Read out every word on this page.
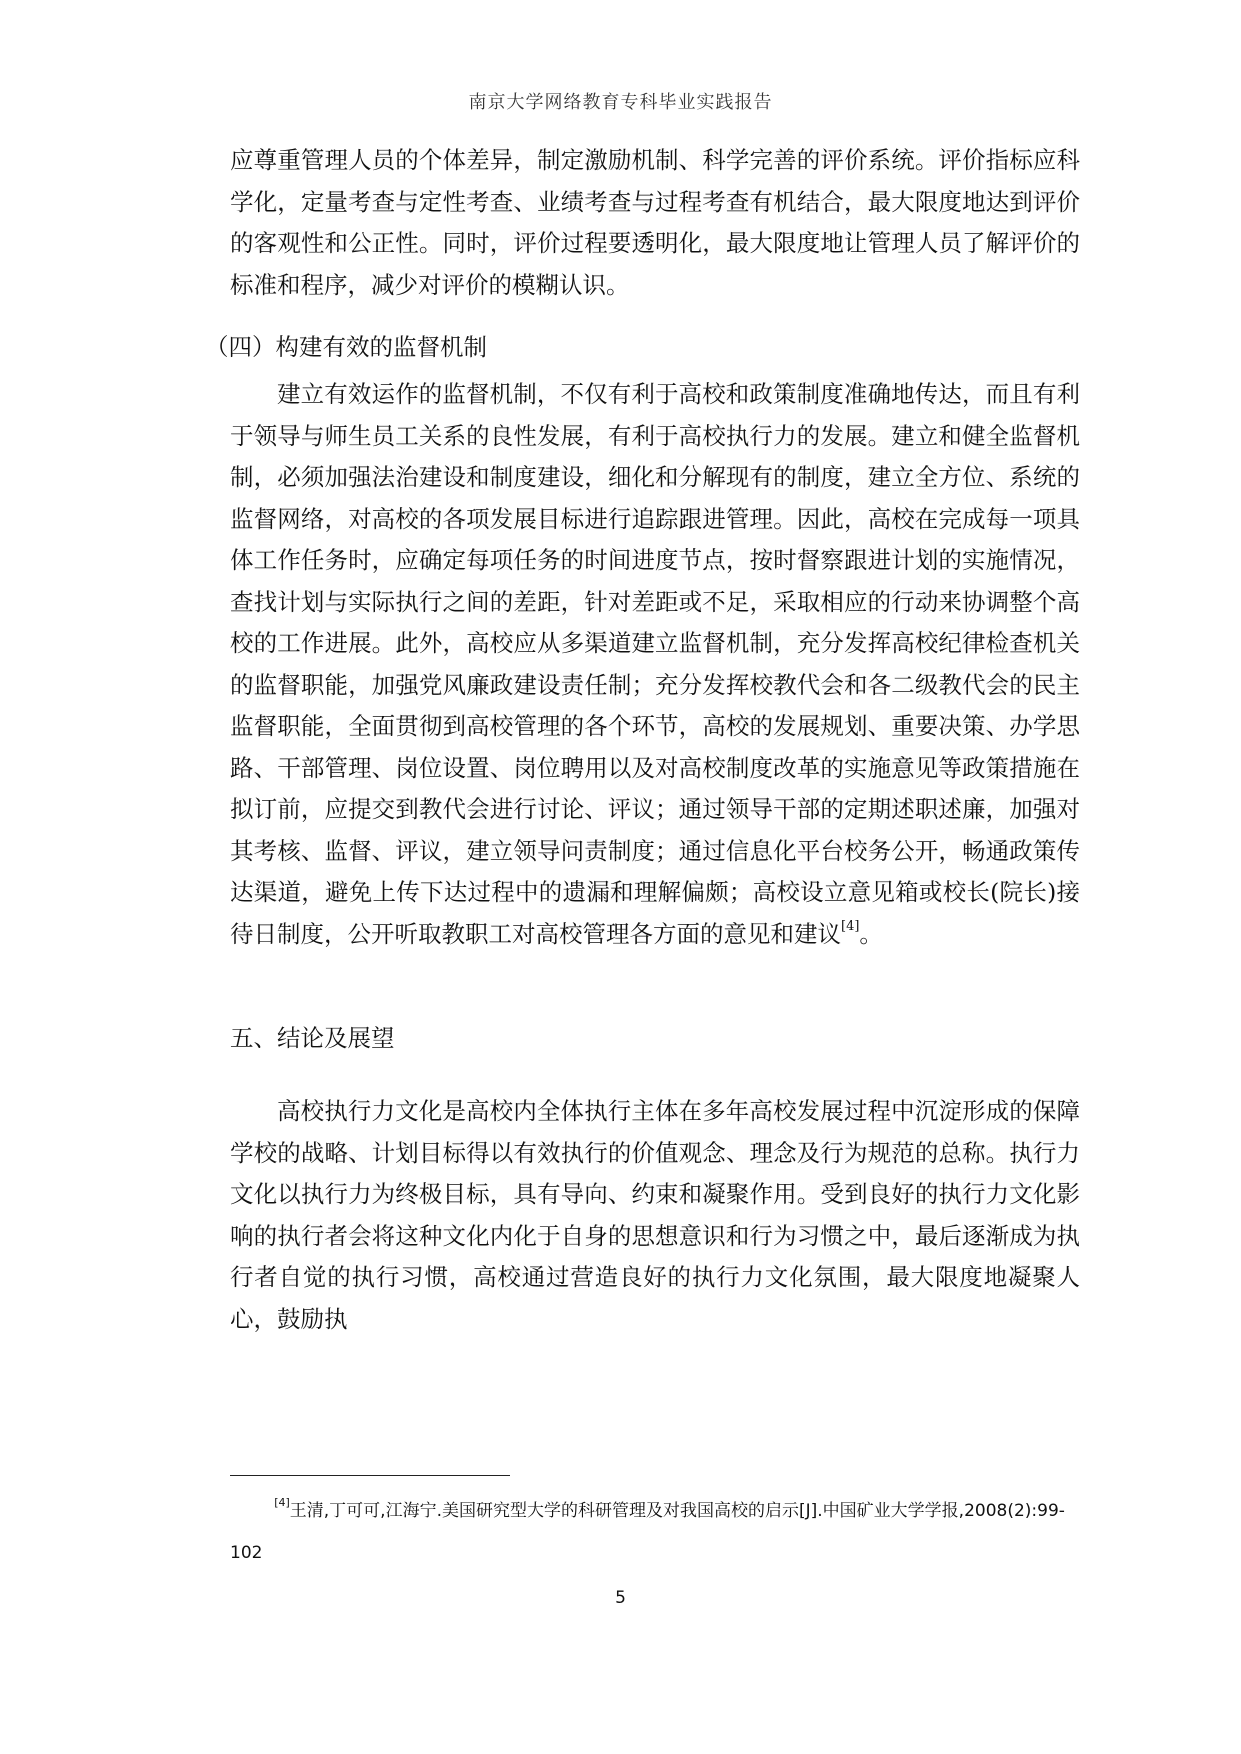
南京大学网络教育专科毕业实践报告

应尊重管理人员的个体差异，制定激励机制、科学完善的评价系统。评价指标应科学化，定量考查与定性考查、业绩考查与过程考查有机结合，最大限度地达到评价的客观性和公正性。同时，评价过程要透明化，最大限度地让管理人员了解评价的标准和程序，减少对评价的模糊认识。

（四）构建有效的监督机制

建立有效运作的监督机制，不仅有利于高校和政策制度准确地传达，而且有利于领导与师生员工关系的良性发展，有利于高校执行力的发展。建立和健全监督机制，必须加强法治建设和制度建设，细化和分解现有的制度，建立全方位、系统的监督网络，对高校的各项发展目标进行追踪跟进管理。因此，高校在完成每一项具体工作任务时，应确定每项任务的时间进度节点，按时督察跟进计划的实施情况，查找计划与实际执行之间的差距，针对差距或不足，采取相应的行动来协调整个高校的工作进展。此外，高校应从多渠道建立监督机制，充分发挥高校纪律检查机关的监督职能，加强党风廉政建设责任制；充分发挥校教代会和各二级教代会的民主监督职能，全面贯彻到高校管理的各个环节，高校的发展规划、重要决策、办学思路、干部管理、岗位设置、岗位聘用以及对高校制度改革的实施意见等政策措施在拟订前，应提交到教代会进行讨论、评议；通过领导干部的定期述职述廉，加强对其考核、监督、评议，建立领导问责制度；通过信息化平台校务公开，畅通政策传达渠道，避免上传下达过程中的遗漏和理解偏颇；高校设立意见箱或校长(院长)接待日制度，公开听取教职工对高校管理各方面的意见和建议[4]。

五、结论及展望

高校执行力文化是高校内全体执行主体在多年高校发展过程中沉淀形成的保障学校的战略、计划目标得以有效执行的价值观念、理念及行为规范的总称。执行力文化以执行力为终极目标，具有导向、约束和凝聚作用。受到良好的执行力文化影响的执行者会将这种文化内化于自身的思想意识和行为习惯之中，最后逐渐成为执行者自觉的执行习惯，高校通过营造良好的执行力文化氛围，最大限度地凝聚人心，鼓励执

[4]王清,丁可可,江海宁.美国研究型大学的科研管理及对我国高校的启示[J].中国矿业大学学报,2008(2):99-102

5
